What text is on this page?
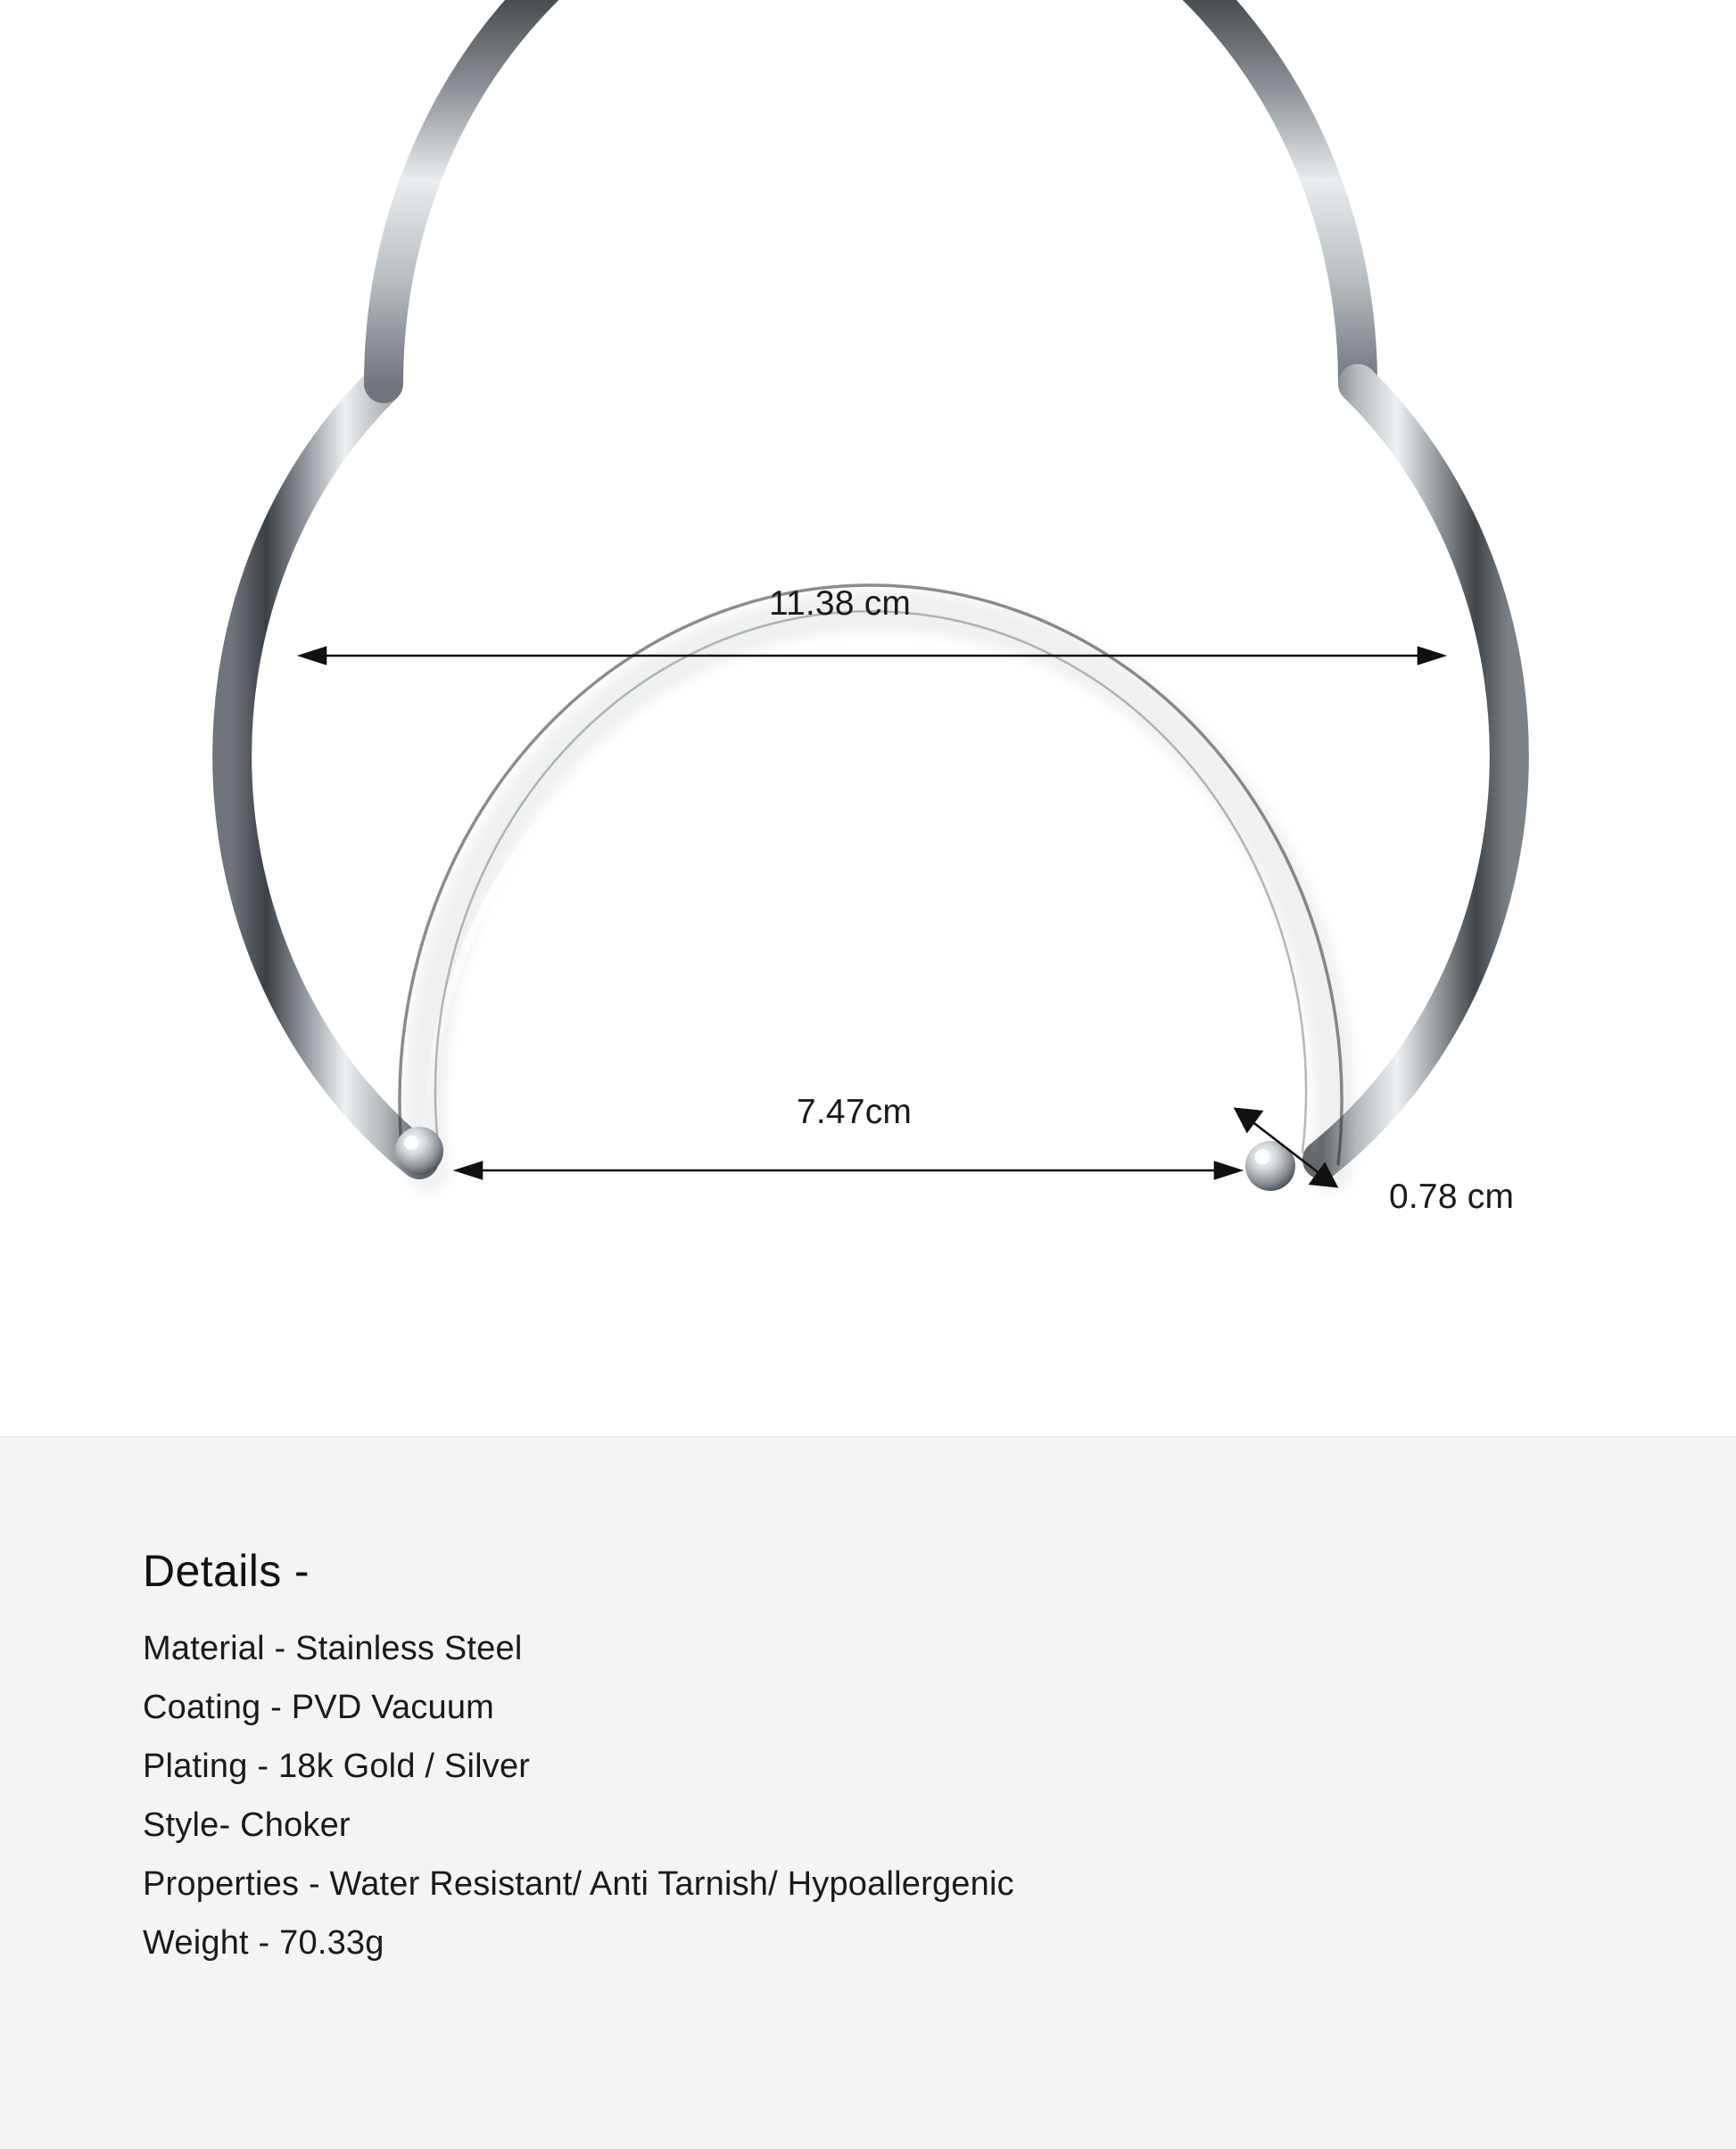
11.38 cm
7.47cm
0.78 cm
Details -
Material - Stainless Steel
Coating - PVD Vacuum
Plating - 18k Gold / Silver
Style- Choker
Properties - Water Resistant/ Anti Tarnish/ Hypoallergenic
Weight - 70.33g
